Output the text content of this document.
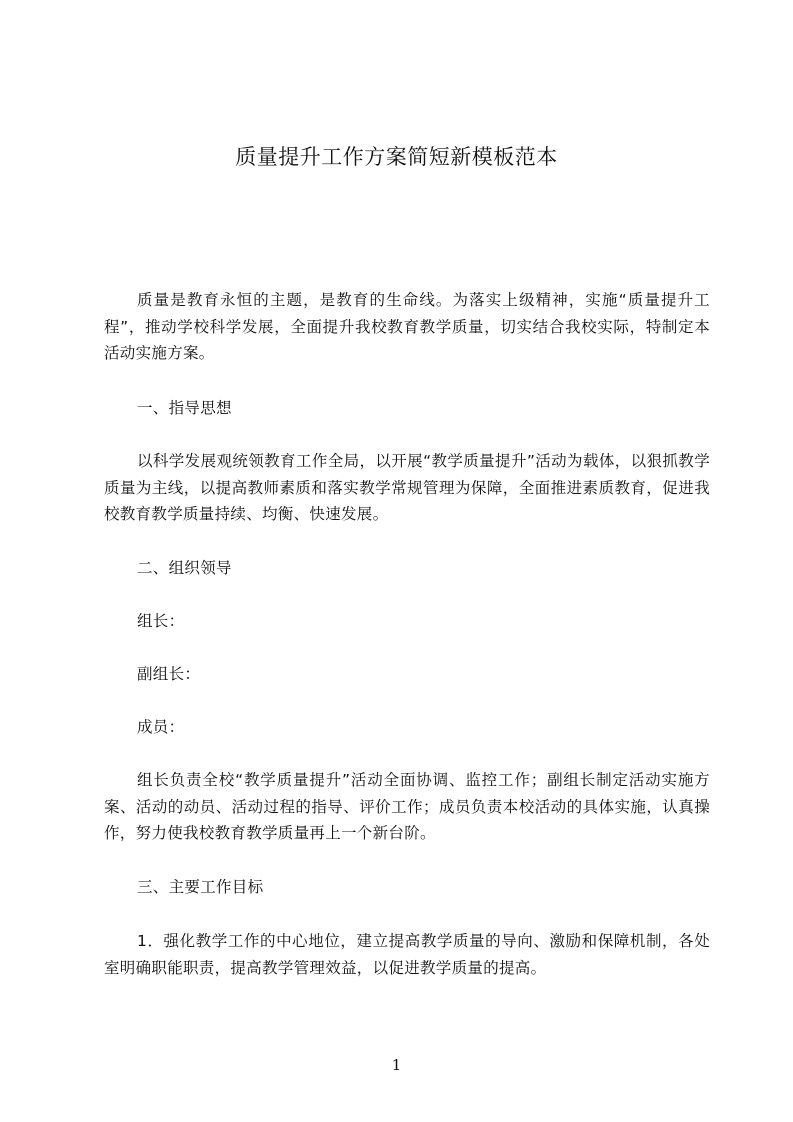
质量提升工作方案简短新模板范本

质量是教育永恒的主题，是教育的生命线。为落实上级精神，实施“质量提升工程”，推动学校科学发展，全面提升我校教育教学质量，切实结合我校实际，特制定本活动实施方案。

一、指导思想

以科学发展观统领教育工作全局，以开展“教学质量提升”活动为载体，以狠抓教学质量为主线，以提高教师素质和落实教学常规管理为保障，全面推进素质教育，促进我校教育教学质量持续、均衡、快速发展。

二、组织领导

组长：

副组长：

成员：

组长负责全校“教学质量提升”活动全面协调、监控工作；副组长制定活动实施方案、活动的动员、活动过程的指导、评价工作；成员负责本校活动的具体实施，认真操作，努力使我校教育教学质量再上一个新台阶。

三、主要工作目标

1．强化教学工作的中心地位，建立提高教学质量的导向、激励和保障机制，各处室明确职能职责，提高教学管理效益，以促进教学质量的提高。

1
